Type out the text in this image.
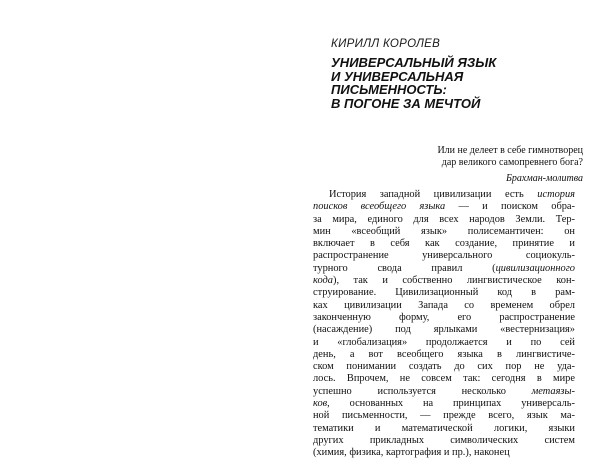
КИРИЛЛ КОРОЛЕВ
УНИВЕРСАЛЬНЫЙ ЯЗЫК
И УНИВЕРСАЛЬНАЯ
ПИСЬМЕННОСТЬ:
В ПОГОНЕ ЗА МЕЧТОЙ
Или не делеет в себе гимнотворец
дар великого самопревнего бога?
Брахман-молитва
История западной цивилизации есть история
поисков всеобщего языка — и поиском обра-
за мира, единого для всех народов Земли. Тер-
мин «всеобщий язык» полисемантичен: он
включает в себя как создание, принятие и
распространение универсального социокуль-
турного свода правил (цивилизационного
кода), так и собственно лингвистическое кон-
струирование. Цивилизационный код в рам-
ках цивилизации Запада со временем обрел
законченную форму, его распространение
(насаждение) под ярлыками «вестернизация»
и «глобализация» продолжается и по сей
день, а вот всеобщего языка в лингвистиче-
ском понимании создать до сих пор не уда-
лось. Впрочем, не совсем так: сегодня в мире
успешно используется несколько метаязы-
ков, основанных на принципах универсаль-
ной письменности, — прежде всего, язык ма-
тематики и математической логики, языки
других прикладных символических систем
(химия, физика, картография и пр.), наконец
